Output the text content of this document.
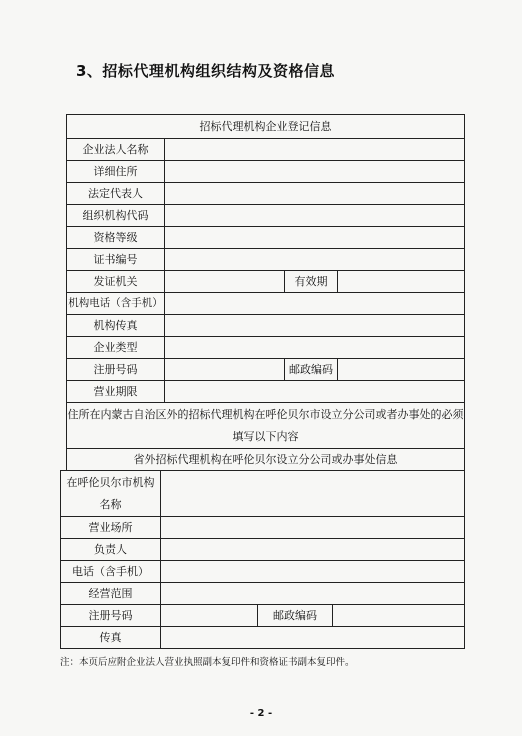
3、招标代理机构组织结构及资格信息
招标代理机构企业登记信息			
企业法人名称			
详细住所			
法定代表人			
组织机构代码			
资格等级			
证书编号			
发证机关		有效期	
机构电话（含手机）			
机构传真			
企业类型			
注册号码		邮政编码	
营业期限			
住所在内蒙古自治区外的招标代理机构在呼伦贝尔市设立分公司或者办事处的必须
填写以下内容			
省外招标代理机构在呼伦贝尔设立分公司或办事处信息			
在呼伦贝尔市机构
名称			
营业场所			
负责人			
电话（含手机）			
经营范围			
注册号码		邮政编码	
传真			
注：本页后应附企业法人营业执照副本复印件和资格证书副本复印件。
- 2 -
